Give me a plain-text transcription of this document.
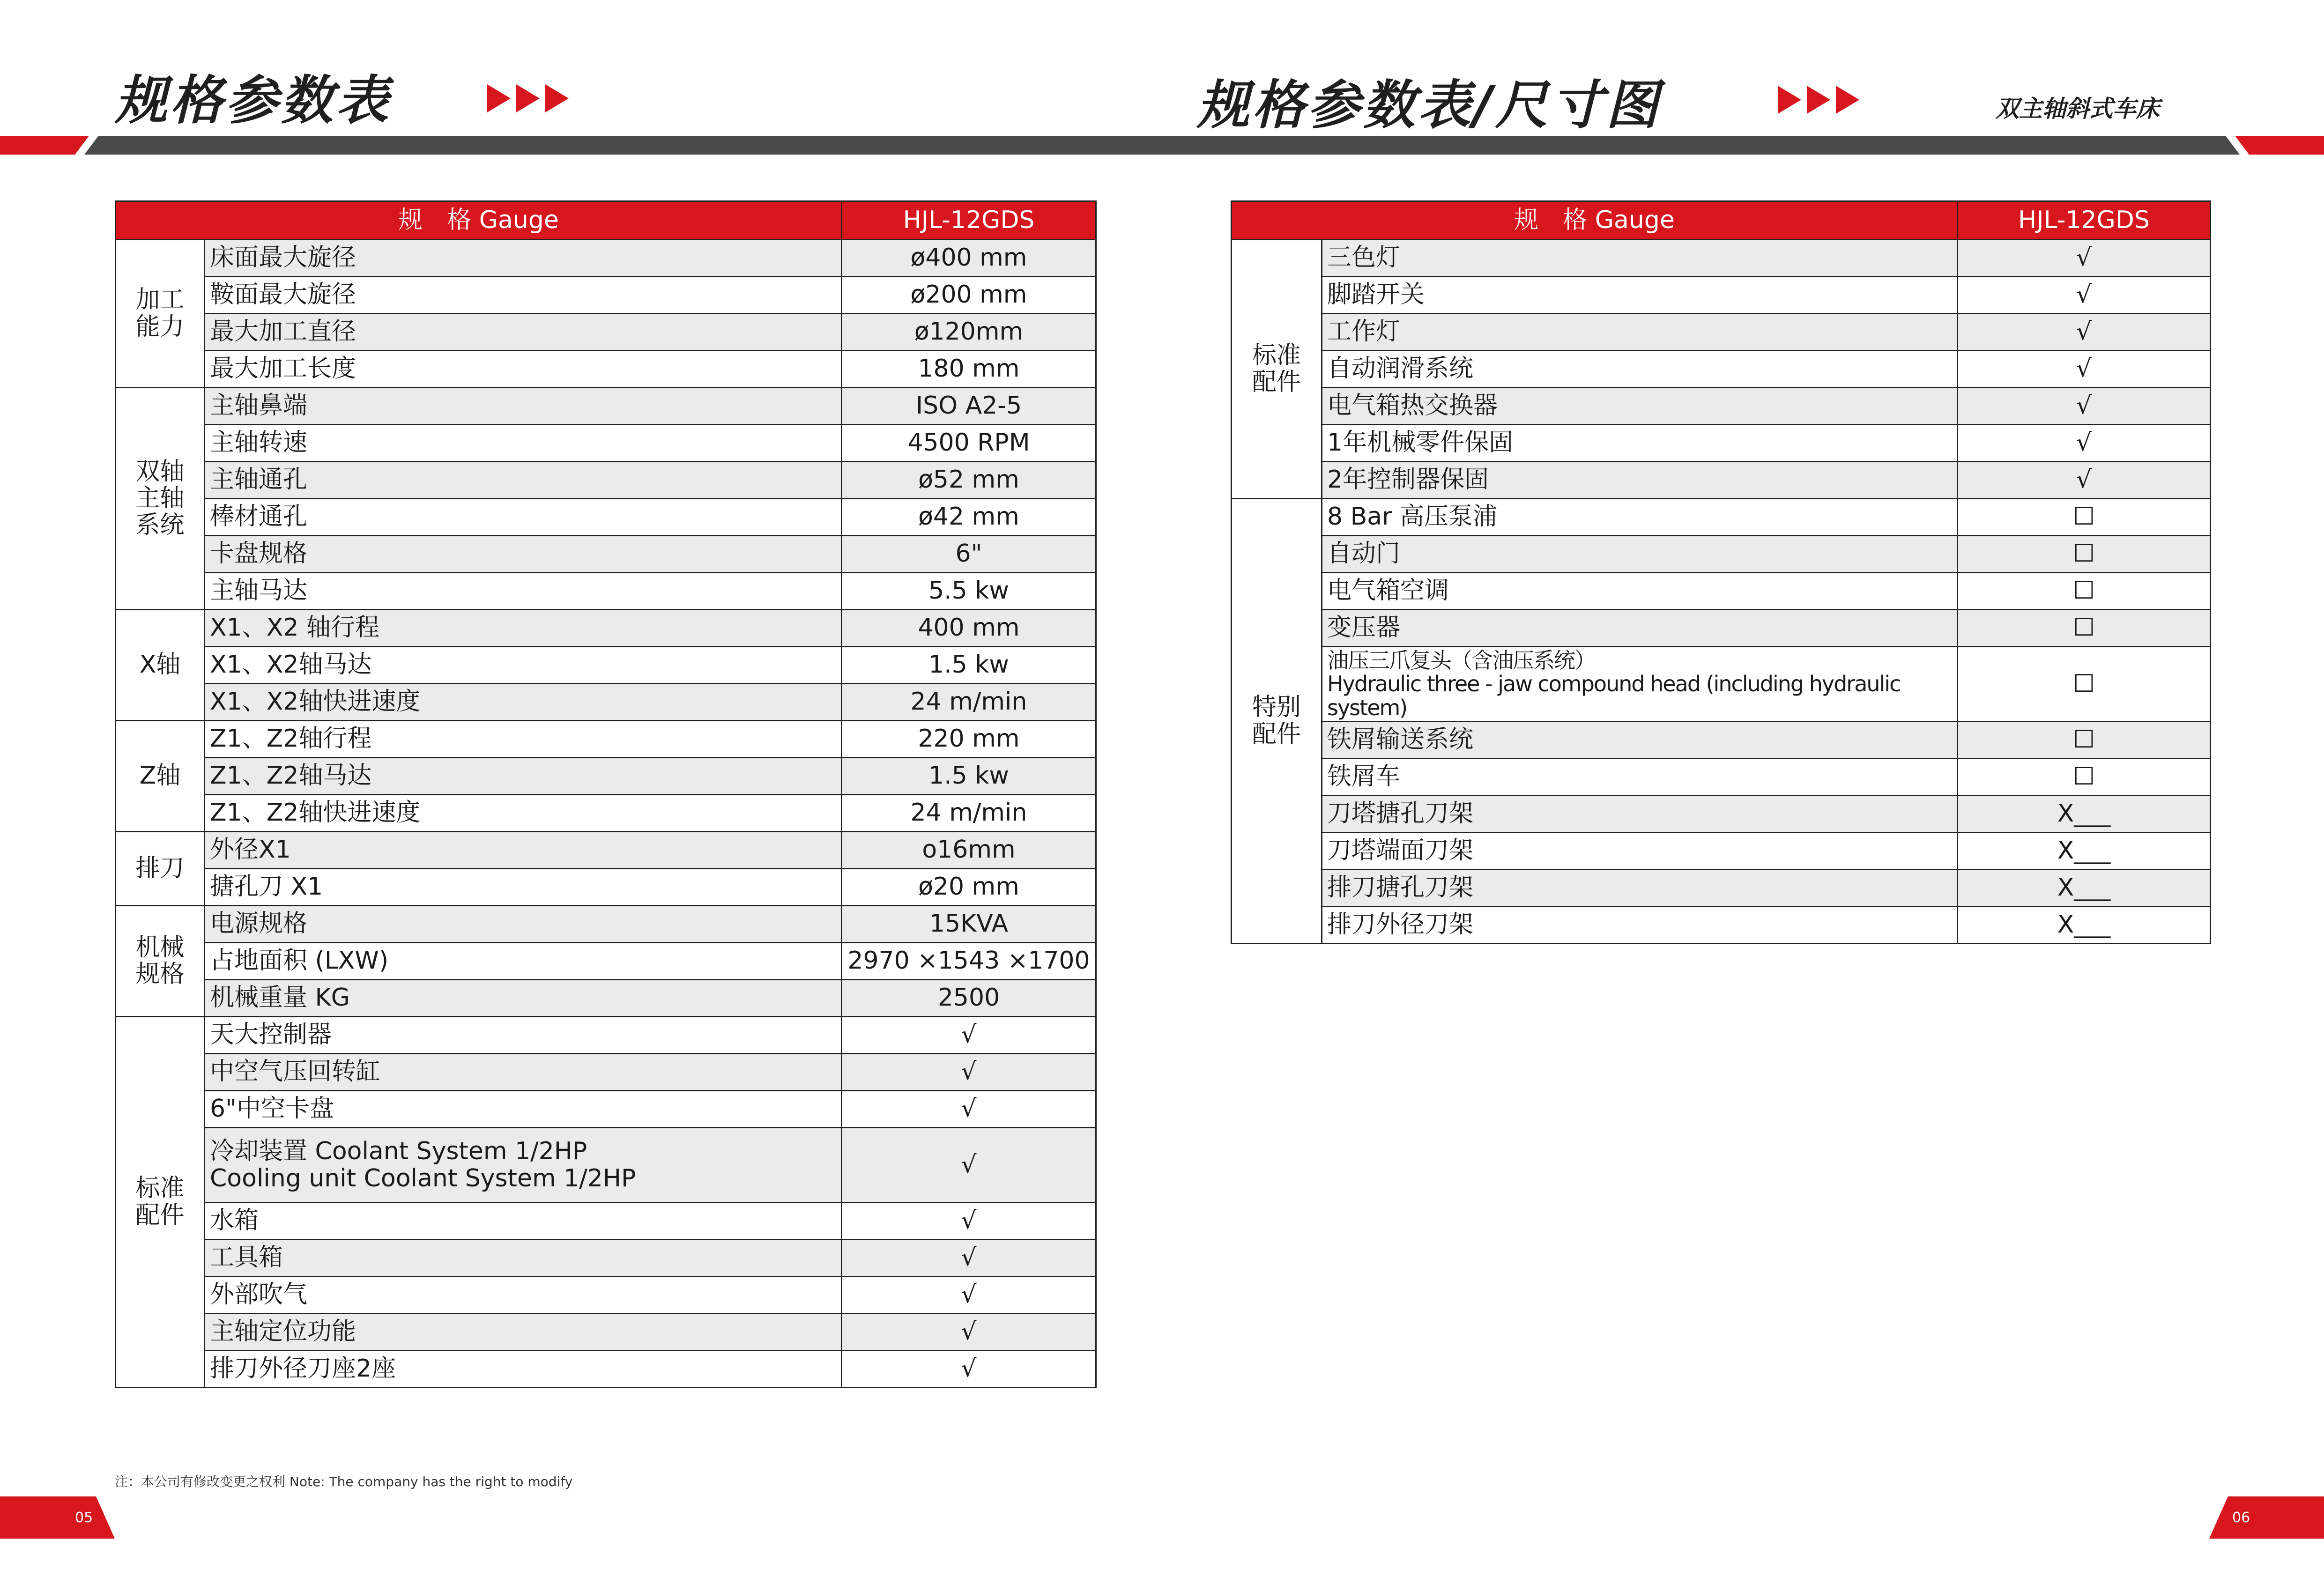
规格参数表	规格参数表/尺寸图	双主轴斜式车床
规　格 Gauge		HJL-12GDS
加工
能力	床面最大旋径	ø400 mm
	鞍面最大旋径	ø200 mm
	最大加工直径	ø120mm
	最大加工长度	180 mm
双轴
主轴
系统	主轴鼻端	ISO A2-5
	主轴转速	4500 RPM
	主轴通孔	ø52 mm
	棒材通孔	ø42 mm
	卡盘规格	6"
	主轴马达	5.5 kw
X轴	X1、X2 轴行程	400 mm
	X1、X2轴马达	1.5 kw
	X1、X2轴快进速度	24 m/min
Z轴	Z1、Z2轴行程	220 mm
	Z1、Z2轴马达	1.5 kw
	Z1、Z2轴快进速度	24 m/min
排刀	外径X1	o16mm
	搪孔刀 X1	ø20 mm
机械
规格	电源规格	15KVA
	占地面积 (LXW)	2970 ×1543 ×1700
	机械重量 KG	2500
标准
配件	天大控制器	√
	中空气压回转缸	√
	6"中空卡盘	√
	冷却装置 Coolant System 1/2HP
Cooling unit Coolant System 1/2HP	√
	水箱	√
	工具箱	√
	外部吹气	√
	主轴定位功能	√
	排刀外径刀座2座	√
规　格 Gauge		HJL-12GDS
标准
配件	三色灯	√
	脚踏开关	√
	工作灯	√
	自动润滑系统	√
	电气箱热交换器	√
	1年机械零件保固	√
	2年控制器保固	√
特别
配件	8 Bar 高压泵浦	☐
	自动门	☐
	电气箱空调	☐
	变压器	☐
	油压三爪复头（含油压系统）
Hydraulic three - jaw compound head (including hydraulic system)	☐
	铁屑输送系统	☐
	铁屑车	☐
	刀塔搪孔刀架	X___
	刀塔端面刀架	X___
	排刀搪孔刀架	X___
	排刀外径刀架	X___
注：本公司有修改变更之权利 Note: The company has the right to modify
05	06
